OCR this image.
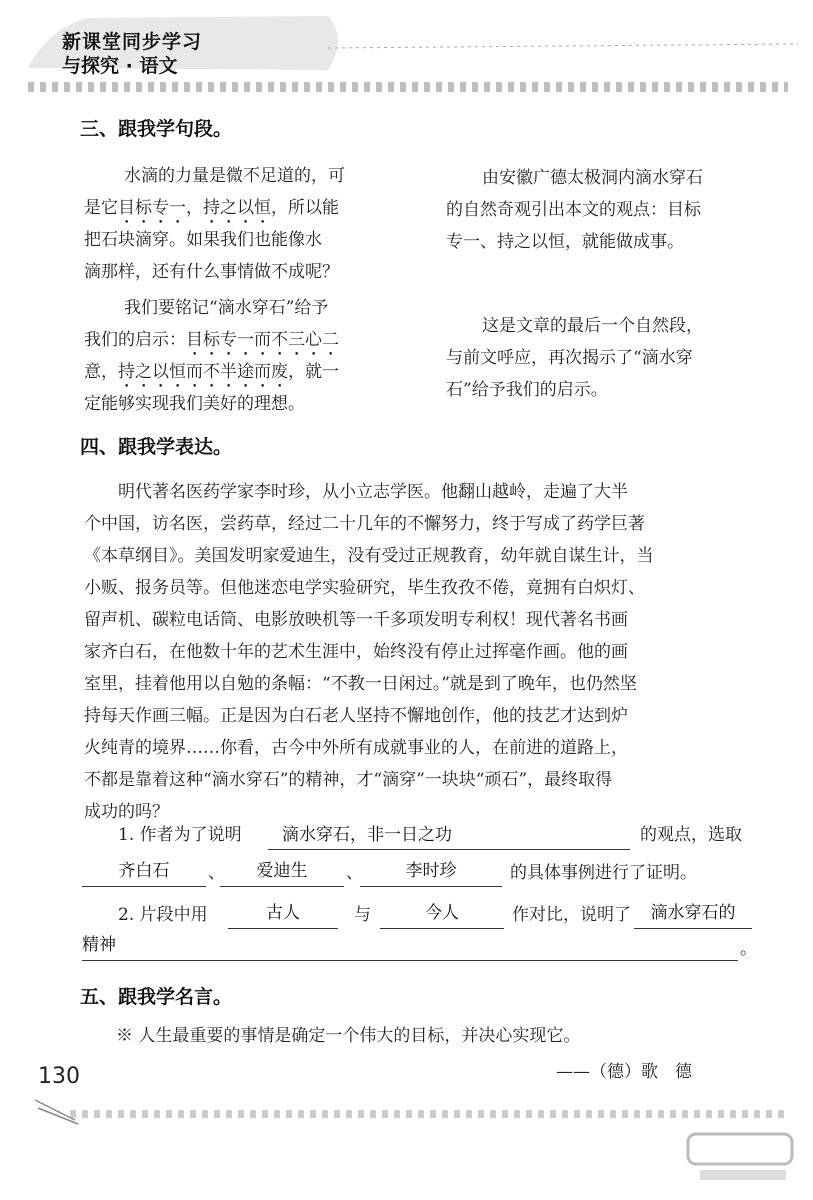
新课堂同步学习
与探究 · 语文
三、跟我学句段。
水滴的力量是微不足道的，可
是它目标专一，持之以恒，所以能
把石块滴穿。如果我们也能像水
滴那样，还有什么事情做不成呢？
我们要铭记“滴水穿石”给予
我们的启示：目标专一而不三心二
意，持之以恒而不半途而废，就一
定能够实现我们美好的理想。
由安徽广德太极洞内滴水穿石
的自然奇观引出本文的观点：目标
专一、持之以恒，就能做成事。
这是文章的最后一个自然段，
与前文呼应，再次揭示了“滴水穿
石”给予我们的启示。
四、跟我学表达。
明代著名医药学家李时珍，从小立志学医。他翻山越岭，走遍了大半
个中国，访名医，尝药草，经过二十几年的不懈努力，终于写成了药学巨著
《本草纲目》。美国发明家爱迪生，没有受过正规教育，幼年就自谋生计，当
小贩、报务员等。但他迷恋电学实验研究，毕生孜孜不倦，竟拥有白炽灯、
留声机、碳粒电话筒、电影放映机等一千多项发明专利权！现代著名书画
家齐白石，在他数十年的艺术生涯中，始终没有停止过挥毫作画。他的画
室里，挂着他用以自勉的条幅：“不教一日闲过。”就是到了晚年，也仍然坚
持每天作画三幅。正是因为白石老人坚持不懈地创作，他的技艺才达到炉
火纯青的境界……你看，古今中外所有成就事业的人，在前进的道路上，
不都是靠着这种“滴水穿石”的精神，才“滴穿”一块块“顽石”，最终取得
成功的吗？
1. 作者为了说明	滴水穿石，非一日之功	的观点，选取
齐白石	、	爱迪生	、	李时珍	的具体事例进行了证明。
2. 片段中用	古人	与	今人	作对比，说明了	滴水穿石的
精神	。
五、跟我学名言。
※ 人生最重要的事情是确定一个伟大的目标，并决心实现它。
——（德）歌　德
130
